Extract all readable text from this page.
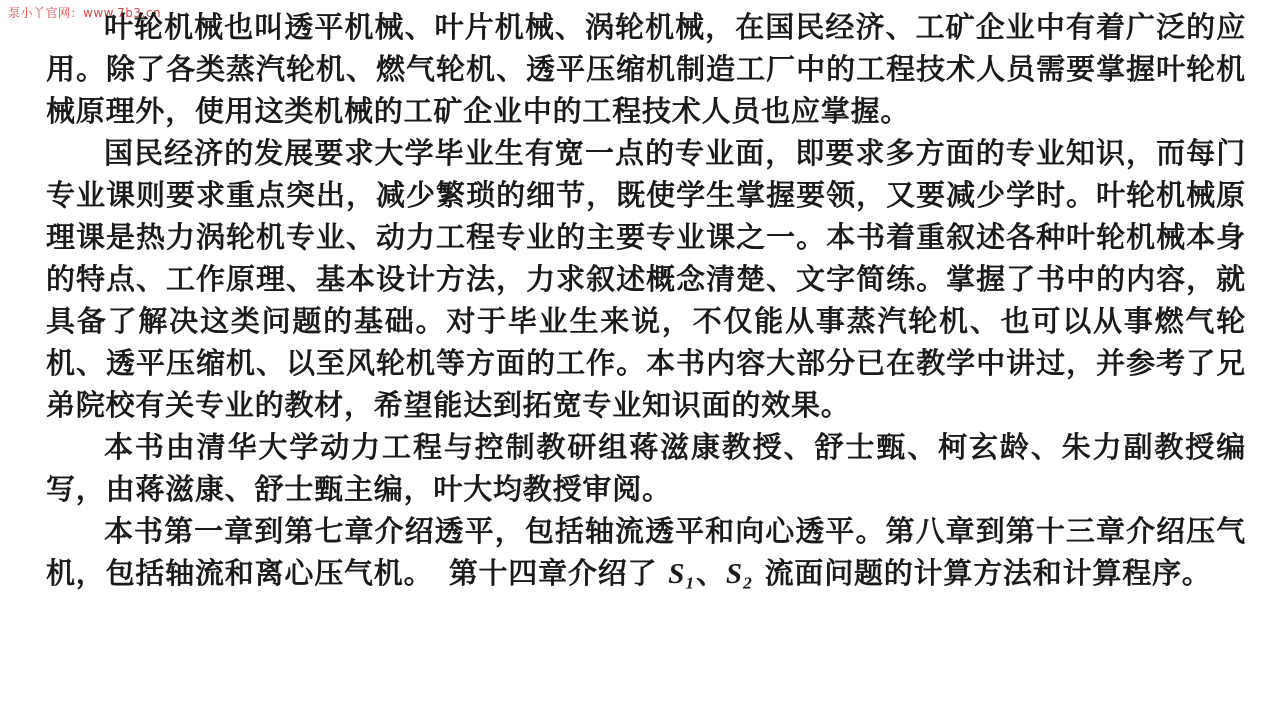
泵小丫官网：www.7b3.cn

叶轮机械也叫透平机械、叶片机械、涡轮机械，在国民经济、工矿企业中有着广泛的应用。除了各类蒸汽轮机、燃气轮机、透平压缩机制造工厂中的工程技术人员需要掌握叶轮机械原理外，使用这类机械的工矿企业中的工程技术人员也应掌握。

国民经济的发展要求大学毕业生有宽一点的专业面，即要求多方面的专业知识，而每门专业课则要求重点突出，减少繁琐的细节，既使学生掌握要领，又要减少学时。叶轮机械原理课是热力涡轮机专业、动力工程专业的主要专业课之一。本书着重叙述各种叶轮机械本身的特点、工作原理、基本设计方法，力求叙述概念清楚、文字简练。掌握了书中的内容，就具备了解决这类问题的基础。对于毕业生来说，不仅能从事蒸汽轮机、也可以从事燃气轮机、透平压缩机、以至风轮机等方面的工作。本书内容大部分已在教学中讲过，并参考了兄弟院校有关专业的教材，希望能达到拓宽专业知识面的效果。

本书由清华大学动力工程与控制教研组蒋滋康教授、舒士甄、柯玄龄、朱力副教授编写，由蒋滋康、舒士甄主编，叶大均教授审阅。

本书第一章到第七章介绍透平，包括轴流透平和向心透平。第八章到第十三章介绍压气机，包括轴流和离心压气机。　第十四章介绍了 S₁、S₂ 流面问题的计算方法和计算程序。
